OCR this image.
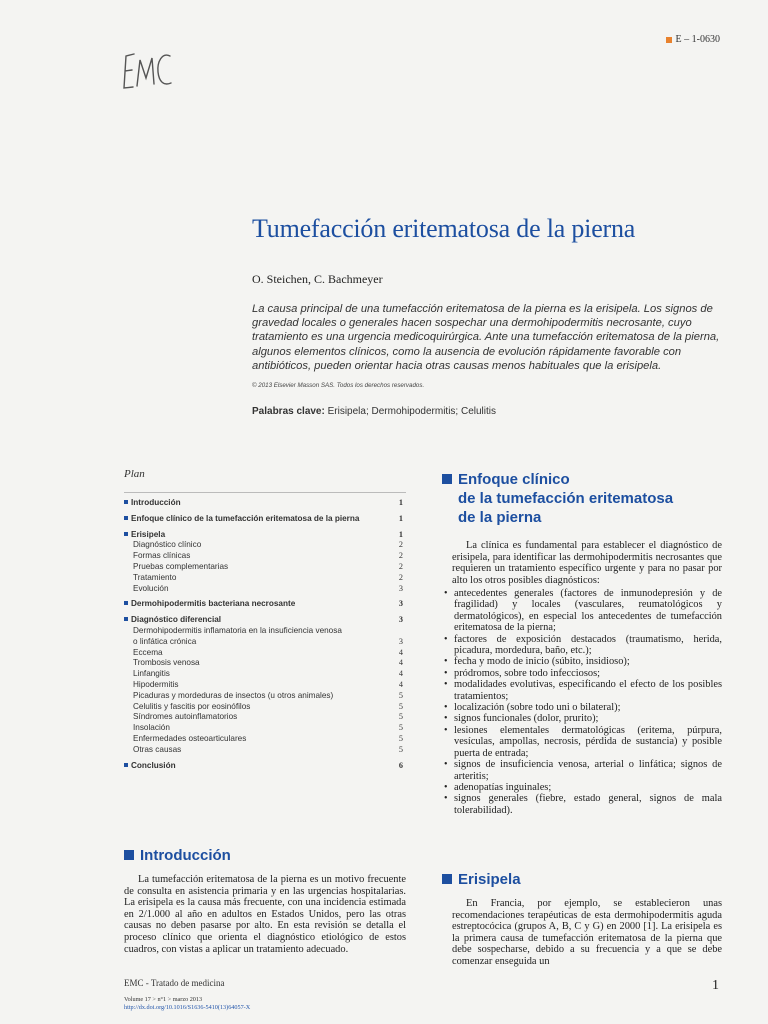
E – 1-0630
Tumefacción eritematosa de la pierna
O. Steichen, C. Bachmeyer
La causa principal de una tumefacción eritematosa de la pierna es la erisipela. Los signos de gravedad locales o generales hacen sospechar una dermohipodermitis necrosante, cuyo tratamiento es una urgencia medicoquirúrgica. Ante una tumefacción eritematosa de la pierna, algunos elementos clínicos, como la ausencia de evolución rápidamente favorable con antibióticos, pueden orientar hacia otras causas menos habituales que la erisipela.
© 2013 Elsevier Masson SAS. Todos los derechos reservados.
Palabras clave: Erisipela; Dermohipodermitis; Celulitis
Plan
Introducción	1
Enfoque clínico de la tumefacción eritematosa de la pierna	1
Erisipela	1
Diagnóstico clínico	2
Formas clínicas	2
Pruebas complementarias	2
Tratamiento	2
Evolución	3
Dermohipodermitis bacteriana necrosante	3
Diagnóstico diferencial	3
Dermohipodermitis inflamatoria en la insuficiencia venosa
o linfática crónica	3
Eccema	4
Trombosis venosa	4
Linfangitis	4
Hipodermitis	4
Picaduras y mordeduras de insectos (u otros animales)	5
Celulitis y fascitis por eosinófilos	5
Síndromes autoinflamatorios	5
Insolación	5
Enfermedades osteoarticulares	5
Otras causas	5
Conclusión	6
Enfoque clínico
de la tumefacción eritematosa
de la pierna
La clínica es fundamental para establecer el diagnóstico de erisipela, para identificar las dermohipodermitis necrosantes que requieren un tratamiento específico urgente y para no pasar por alto los otros posibles diagnósticos:
• antecedentes generales (factores de inmunodepresión y de fragilidad) y locales (vasculares, reumatológicos y dermatológicos), en especial los antecedentes de tumefacción eritematosa de la pierna;
• factores de exposición destacados (traumatismo, herida, picadura, mordedura, baño, etc.);
• fecha y modo de inicio (súbito, insidioso);
• pródromos, sobre todo infecciosos;
• modalidades evolutivas, especificando el efecto de los posibles tratamientos;
• localización (sobre todo uni o bilateral);
• signos funcionales (dolor, prurito);
• lesiones elementales dermatológicas (eritema, púrpura, vesículas, ampollas, necrosis, pérdida de sustancia) y posible puerta de entrada;
• signos de insuficiencia venosa, arterial o linfática; signos de arteritis;
• adenopatías inguinales;
• signos generales (fiebre, estado general, signos de mala tolerabilidad).
Introducción
La tumefacción eritematosa de la pierna es un motivo frecuente de consulta en asistencia primaria y en las urgencias hospitalarias. La erisipela es la causa más frecuente, con una incidencia estimada en 2/1.000 al año en adultos en Estados Unidos, pero las otras causas no deben pasarse por alto. En esta revisión se detalla el proceso clínico que orienta el diagnóstico etiológico de estos cuadros, con vistas a aplicar un tratamiento adecuado.
Erisipela
En Francia, por ejemplo, se establecieron unas recomendaciones terapéuticas de esta dermohipodermitis aguda estreptocócica (grupos A, B, C y G) en 2000 [1]. La erisipela es la primera causa de tumefacción eritematosa de la pierna que debe sospecharse, debido a su frecuencia y a que se debe comenzar enseguida un
EMC - Tratado de medicina
Volume 17 > n°1 > marzo 2013
http://dx.doi.org/10.1016/S1636-5410(13)64057-X
1
